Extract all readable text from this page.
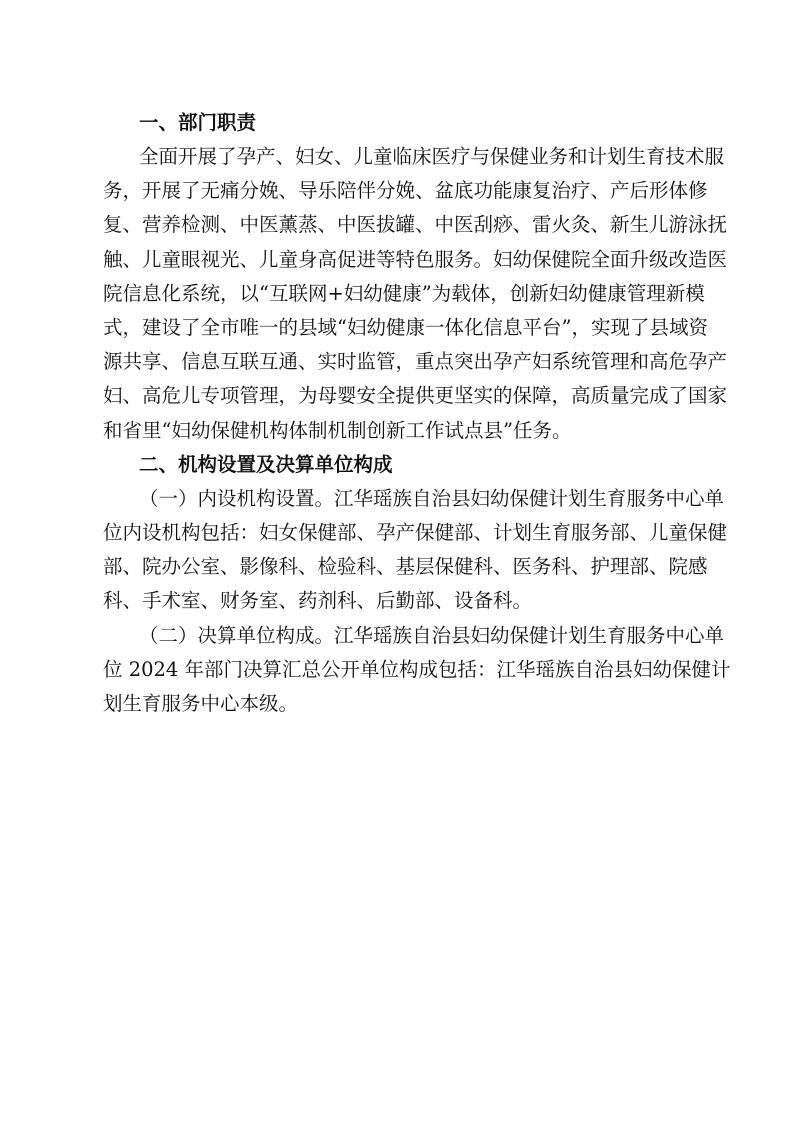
一、部门职责

全面开展了孕产、妇女、儿童临床医疗与保健业务和计划生育技术服
务，开展了无痛分娩、导乐陪伴分娩、盆底功能康复治疗、产后形体修
复、营养检测、中医薰蒸、中医拔罐、中医刮痧、雷火灸、新生儿游泳抚
触、儿童眼视光、儿童身高促进等特色服务。妇幼保健院全面升级改造医
院信息化系统，以“互联网+妇幼健康”为载体，创新妇幼健康管理新模
式，建设了全市唯一的县域“妇幼健康一体化信息平台”，实现了县域资
源共享、信息互联互通、实时监管，重点突出孕产妇系统管理和高危孕产
妇、高危儿专项管理，为母婴安全提供更坚实的保障，高质量完成了国家
和省里“妇幼保健机构体制机制创新工作试点县”任务。

二、机构设置及决算单位构成

（一）内设机构设置。江华瑶族自治县妇幼保健计划生育服务中心单
位内设机构包括：妇女保健部、孕产保健部、计划生育服务部、儿童保健
部、院办公室、影像科、检验科、基层保健科、医务科、护理部、院感
科、手术室、财务室、药剂科、后勤部、设备科。

（二）决算单位构成。江华瑶族自治县妇幼保健计划生育服务中心单
位 2024 年部门决算汇总公开单位构成包括：江华瑶族自治县妇幼保健计
划生育服务中心本级。
